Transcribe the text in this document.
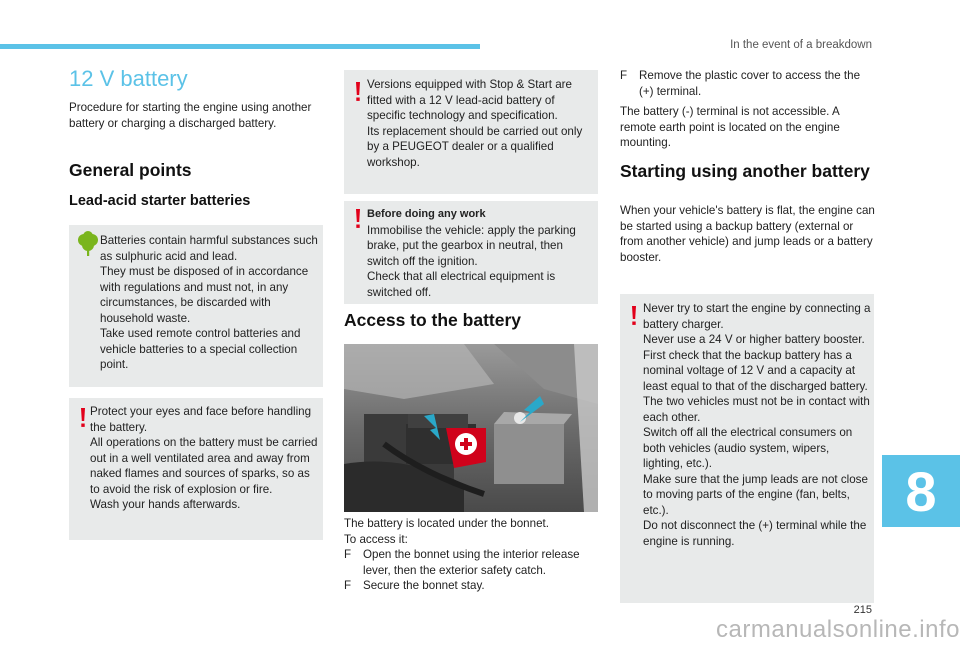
In the event of a breakdown
8
215
carmanualsonline.info
12 V battery
Procedure for starting the engine using another battery or charging a discharged battery.
General points
Lead-acid starter batteries

Batteries contain harmful substances such as sulphuric acid and lead.

They must be disposed of in accordance with regulations and must not, in any circumstances, be discarded with household waste.

Take used remote control batteries and vehicle batteries to a special collection point.

Protect your eyes and face before handling the battery.

All operations on the battery must be carried out in a well ventilated area and away from naked flames and sources of sparks, so as to avoid the risk of explosion or fire.

Wash your hands afterwards.

Versions equipped with Stop & Start are fitted with a 12 V lead-acid battery of specific technology and specification.

Its replacement should be carried out only by a PEUGEOT dealer or a qualified workshop.

Before doing any work

Immobilise the vehicle: apply the parking brake, put the gearbox in neutral, then switch off the ignition.

Check that all electrical equipment is switched off.

Access to the battery

The battery is located under the bonnet.

To access it:

F Open the bonnet using the interior release lever, then the exterior safety catch.
F Secure the bonnet stay.
F Remove the plastic cover to access the the (+) terminal.
The battery (-) terminal is not accessible. A remote earth point is located on the engine mounting.
Starting using another battery
When your vehicle's battery is flat, the engine can be started using a backup battery (external or from another vehicle) and jump leads or a battery booster.

Never try to start the engine by connecting a battery charger.

Never use a 24 V or higher battery booster.

First check that the backup battery has a nominal voltage of 12 V and a capacity at least equal to that of the discharged battery.

The two vehicles must not be in contact with each other.

Switch off all the electrical consumers on both vehicles (audio system, wipers, lighting, etc.).

Make sure that the jump leads are not close to moving parts of the engine (fan, belts, etc.).

Do not disconnect the (+) terminal while the engine is running.
